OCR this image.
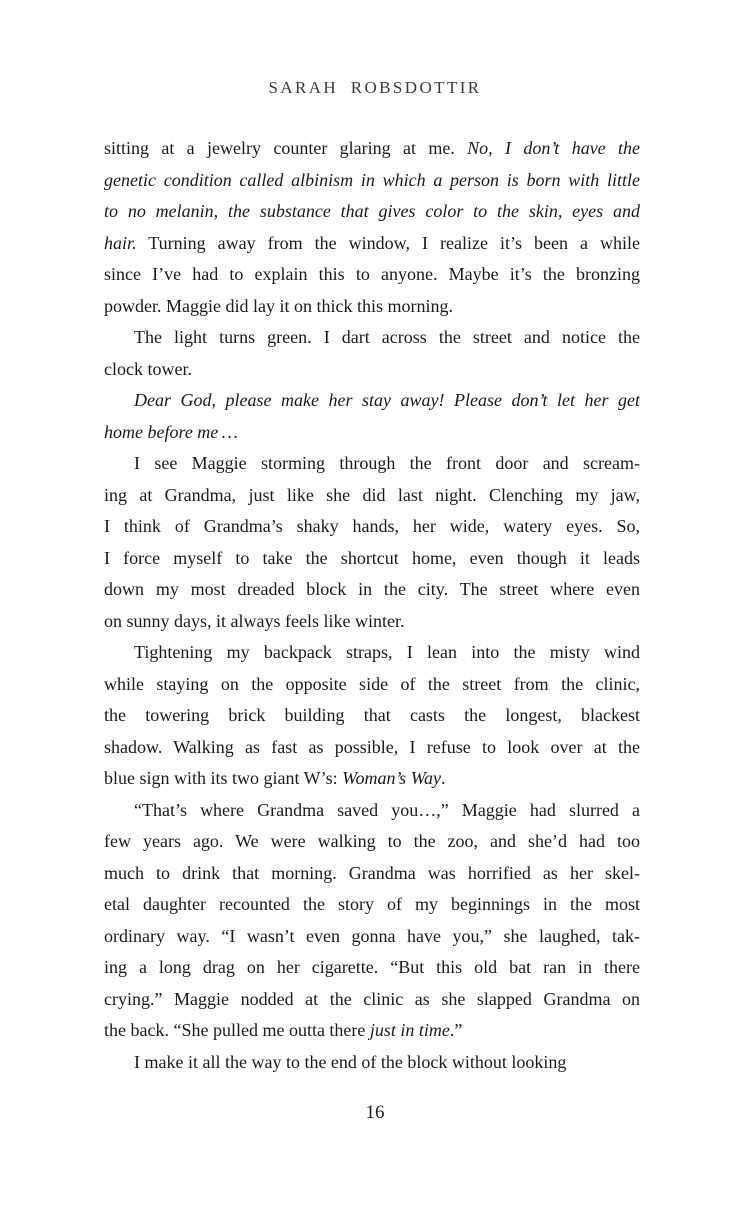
SARAH ROBSDOTTIR
sitting at a jewelry counter glaring at me. No, I don’t have the
genetic condition called albinism in which a person is born with little
to no melanin, the substance that gives color to the skin, eyes and
hair. Turning away from the window, I realize it’s been a while
since I’ve had to explain this to anyone. Maybe it’s the bronzing
powder. Maggie did lay it on thick this morning.
The light turns green. I dart across the street and notice the
clock tower.
Dear God, please make her stay away! Please don’t let her get
home before me …
I see Maggie storming through the front door and scream-
ing at Grandma, just like she did last night. Clenching my jaw,
I think of Grandma’s shaky hands, her wide, watery eyes. So,
I force myself to take the shortcut home, even though it leads
down my most dreaded block in the city. The street where even
on sunny days, it always feels like winter.
Tightening my backpack straps, I lean into the misty wind
while staying on the opposite side of the street from the clinic,
the towering brick building that casts the longest, blackest
shadow. Walking as fast as possible, I refuse to look over at the
blue sign with its two giant W’s: Woman’s Way.
“That’s where Grandma saved you…,” Maggie had slurred a
few years ago. We were walking to the zoo, and she’d had too
much to drink that morning. Grandma was horrified as her skel-
etal daughter recounted the story of my beginnings in the most
ordinary way. “I wasn’t even gonna have you,” she laughed, tak-
ing a long drag on her cigarette. “But this old bat ran in there
crying.” Maggie nodded at the clinic as she slapped Grandma on
the back. “She pulled me outta there just in time.”
I make it all the way to the end of the block without looking
16
